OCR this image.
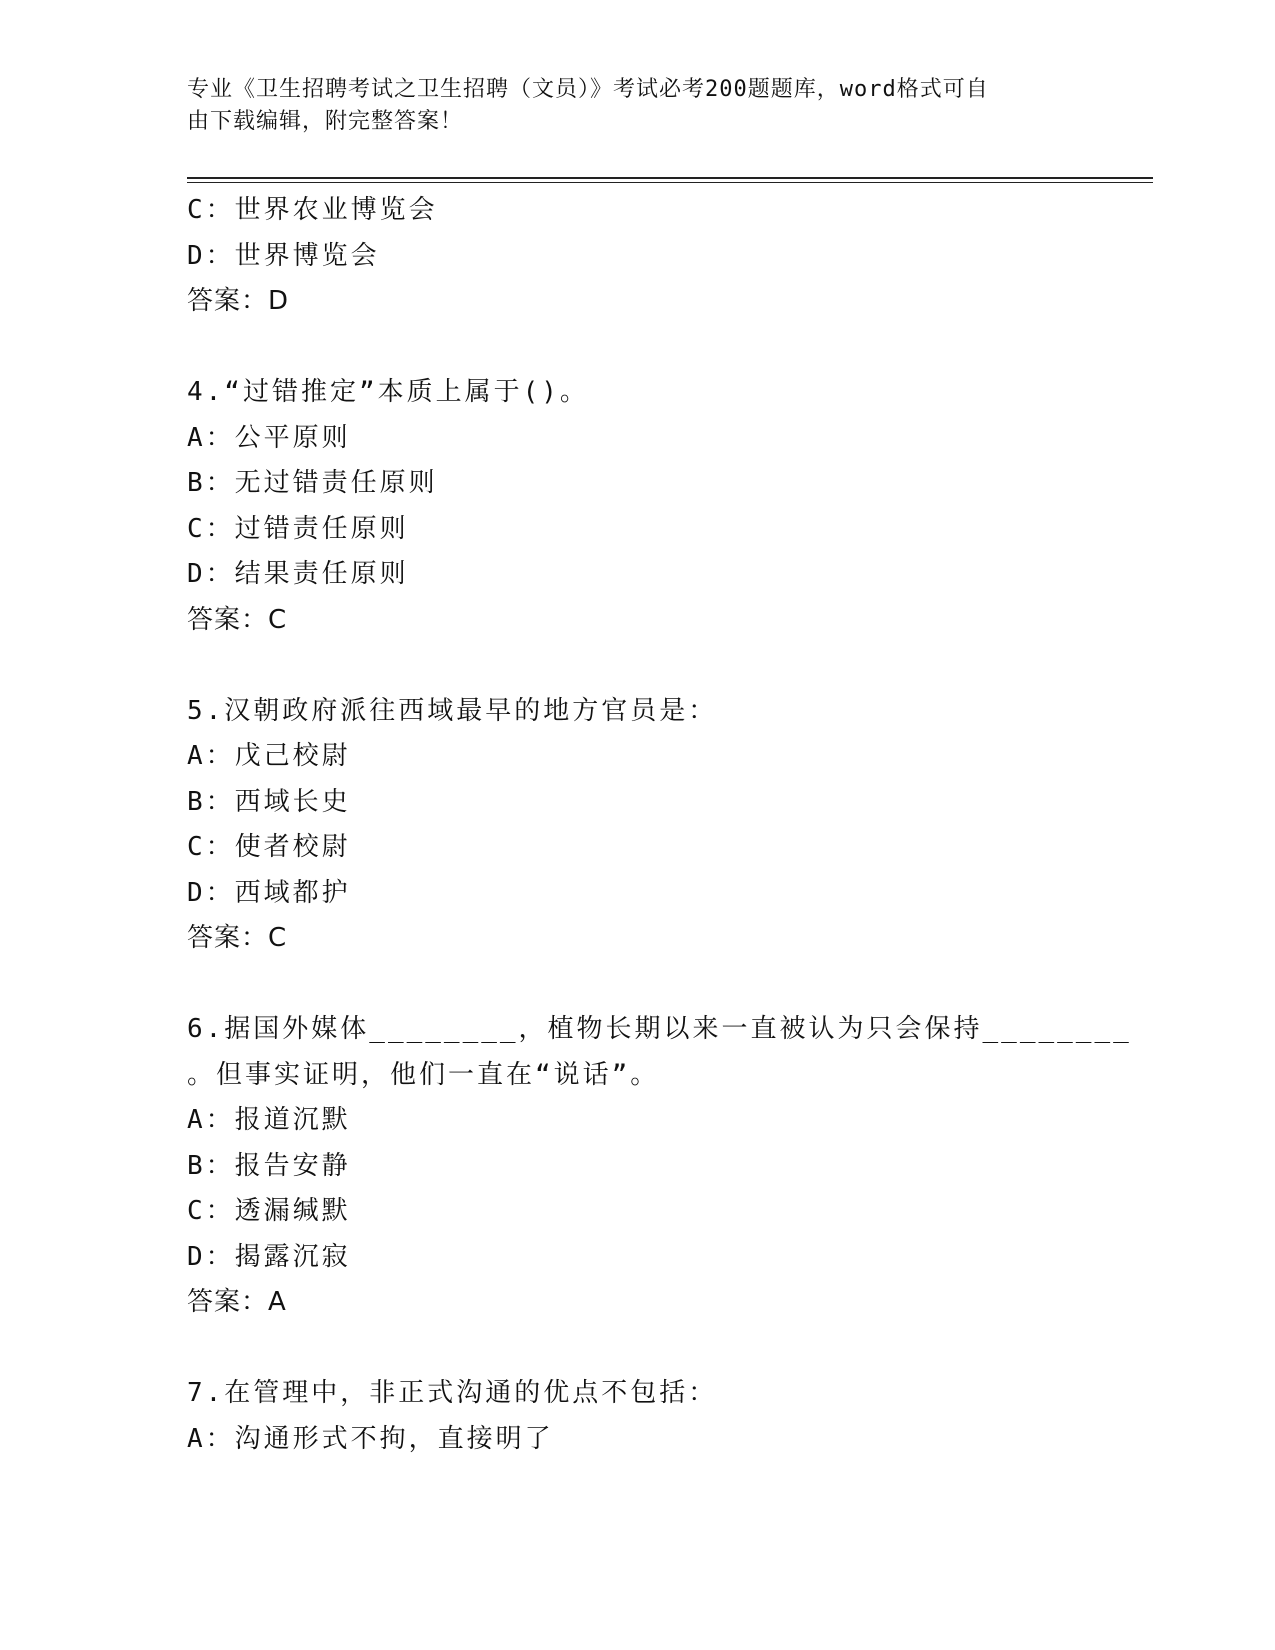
专业《卫生招聘考试之卫生招聘（文员）》考试必考200题题库，word格式可自
由下载编辑，附完整答案！
C：世界农业博览会
D：世界博览会
答案：D
4.“过错推定”本质上属于()。
A：公平原则
B：无过错责任原则
C：过错责任原则
D：结果责任原则
答案：C
5.汉朝政府派往西域最早的地方官员是：
A：戊己校尉
B：西域长史
C：使者校尉
D：西域都护
答案：C
6.据国外媒体________，植物长期以来一直被认为只会保持________
。但事实证明，他们一直在“说话”。
A：报道沉默
B：报告安静
C：透漏缄默
D：揭露沉寂
答案：A
7.在管理中，非正式沟通的优点不包括：
A：沟通形式不拘，直接明了
